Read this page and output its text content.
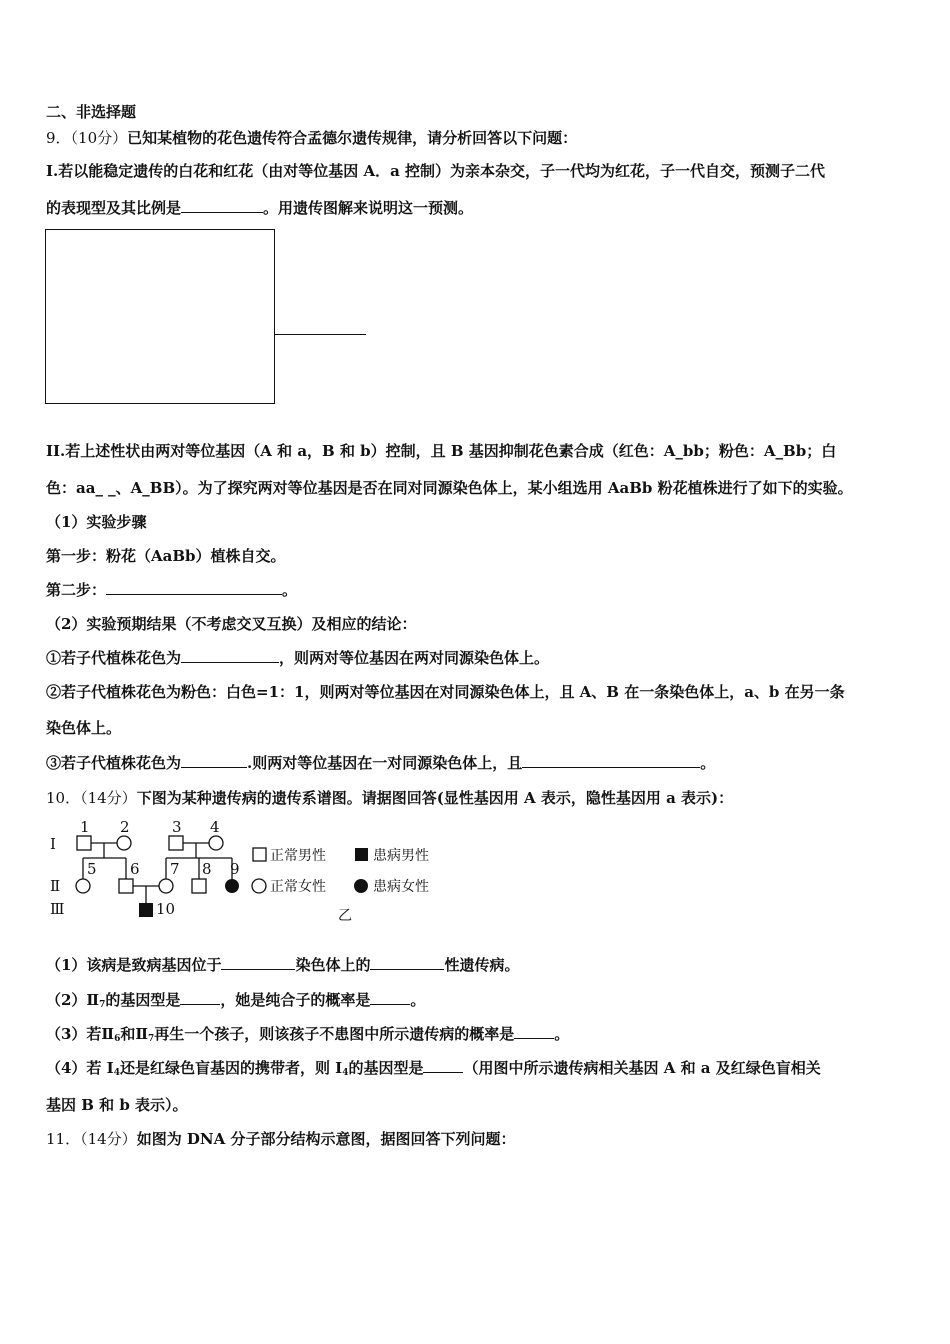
二、非选择题
9．（10分）已知某植物的花色遗传符合孟德尔遗传规律，请分析回答以下问题：
I.若以能稳定遗传的白花和红花（由对等位基因 A．a 控制）为亲本杂交，子一代均为红花，子一代自交，预测子二代
的表现型及其比例是	。用遗传图解来说明这一预测。
II.若上述性状由两对等位基因（A 和 a，B 和 b）控制，且 B 基因抑制花色素合成（红色：A_bb；粉色：A_Bb；白
色：aa_ _、A_BB）。为了探究两对等位基因是否在同对同源染色体上，某小组选用 AaBb 粉花植株进行了如下的实验。
（1）实验步骤
第一步：粉花（AaBb）植株自交。
第二步：	。
（2）实验预期结果（不考虑交叉互换）及相应的结论：
①若子代植株花色为	，则两对等位基因在两对同源染色体上。
②若子代植株花色为粉色：白色=1：1，则两对等位基因在对同源染色体上，且 A、B 在一条染色体上，a、b 在另一条
染色体上。
③若子代植株花色为	.则两对等位基因在一对同源染色体上，且	。
10．（14分）下图为某种遗传病的遗传系谱图。请据图回答(显性基因用 A 表示，隐性基因用 a 表示)：
Ⅰ
Ⅱ
Ⅲ
1 2	3 4
5 6 7 8 9
10
正常男性	患病男性
正常女性	患病女性
乙
（1）该病是致病基因位于	染色体上的	性遗传病。
$(2)Ⅱ_7$的基因型是	，她是纯合子的概率是	。
（3）若$Ⅱ_6$和$Ⅱ_7$再生一个孩子，则该孩子不患图中所示遗传病的概率是	。
（4）若 $I_4$还是红绿色盲基因的携带者，则 $I_4$的基因型是	（用图中所示遗传病相关基因 A 和 a 及红绿色盲相关
基因 B 和 b 表示）。
11．（14分）如图为 DNA 分子部分结构示意图，据图回答下列问题：
